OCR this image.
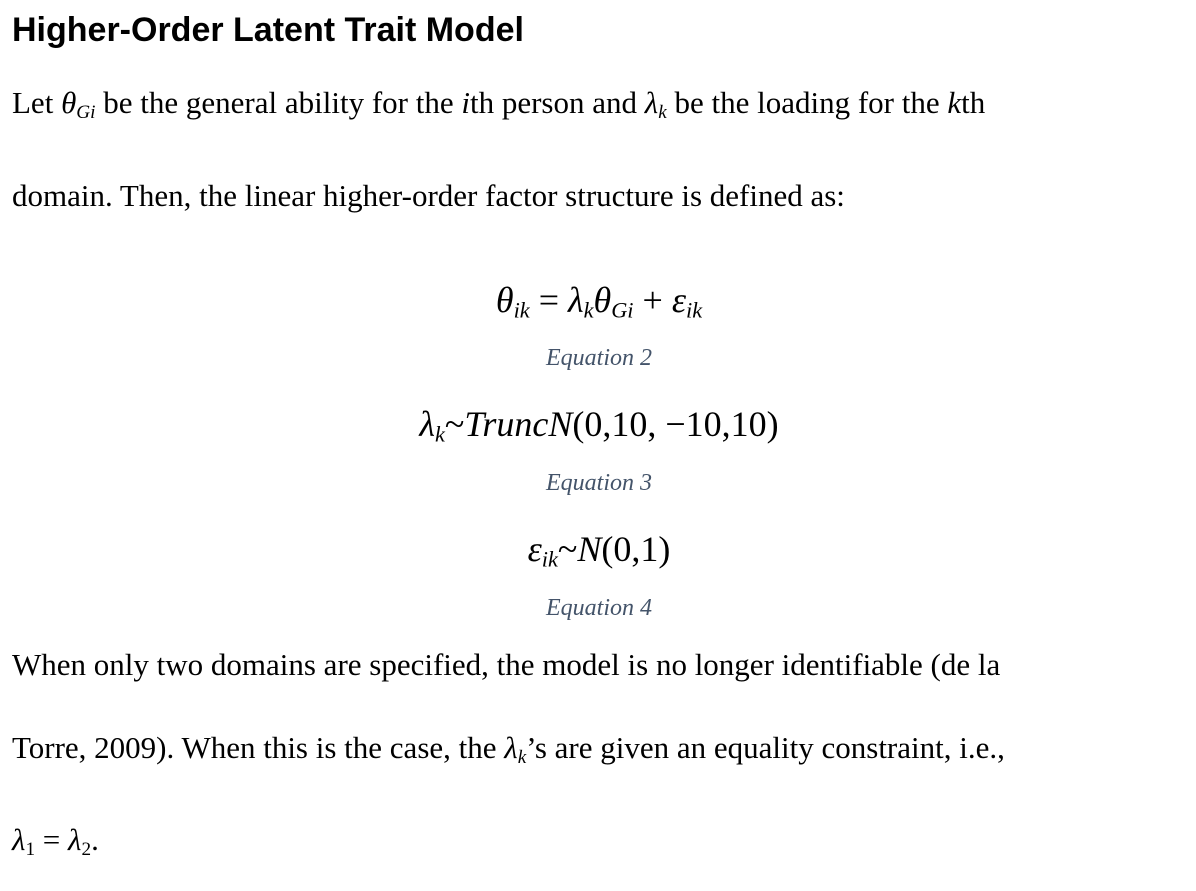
Higher-Order Latent Trait Model

Let θGi be the general ability for the ith person and λk be the loading for the kth
domain. Then, the linear higher-order factor structure is defined as:

θik = λkθGi + εik
Equation 2
λk~TruncN(0,10, −10,10)
Equation 3
εik~N(0,1)
Equation 4

When only two domains are specified, the model is no longer identifiable (de la
Torre, 2009). When this is the case, the λk’s are given an equality constraint, i.e.,
λ1 = λ2.
